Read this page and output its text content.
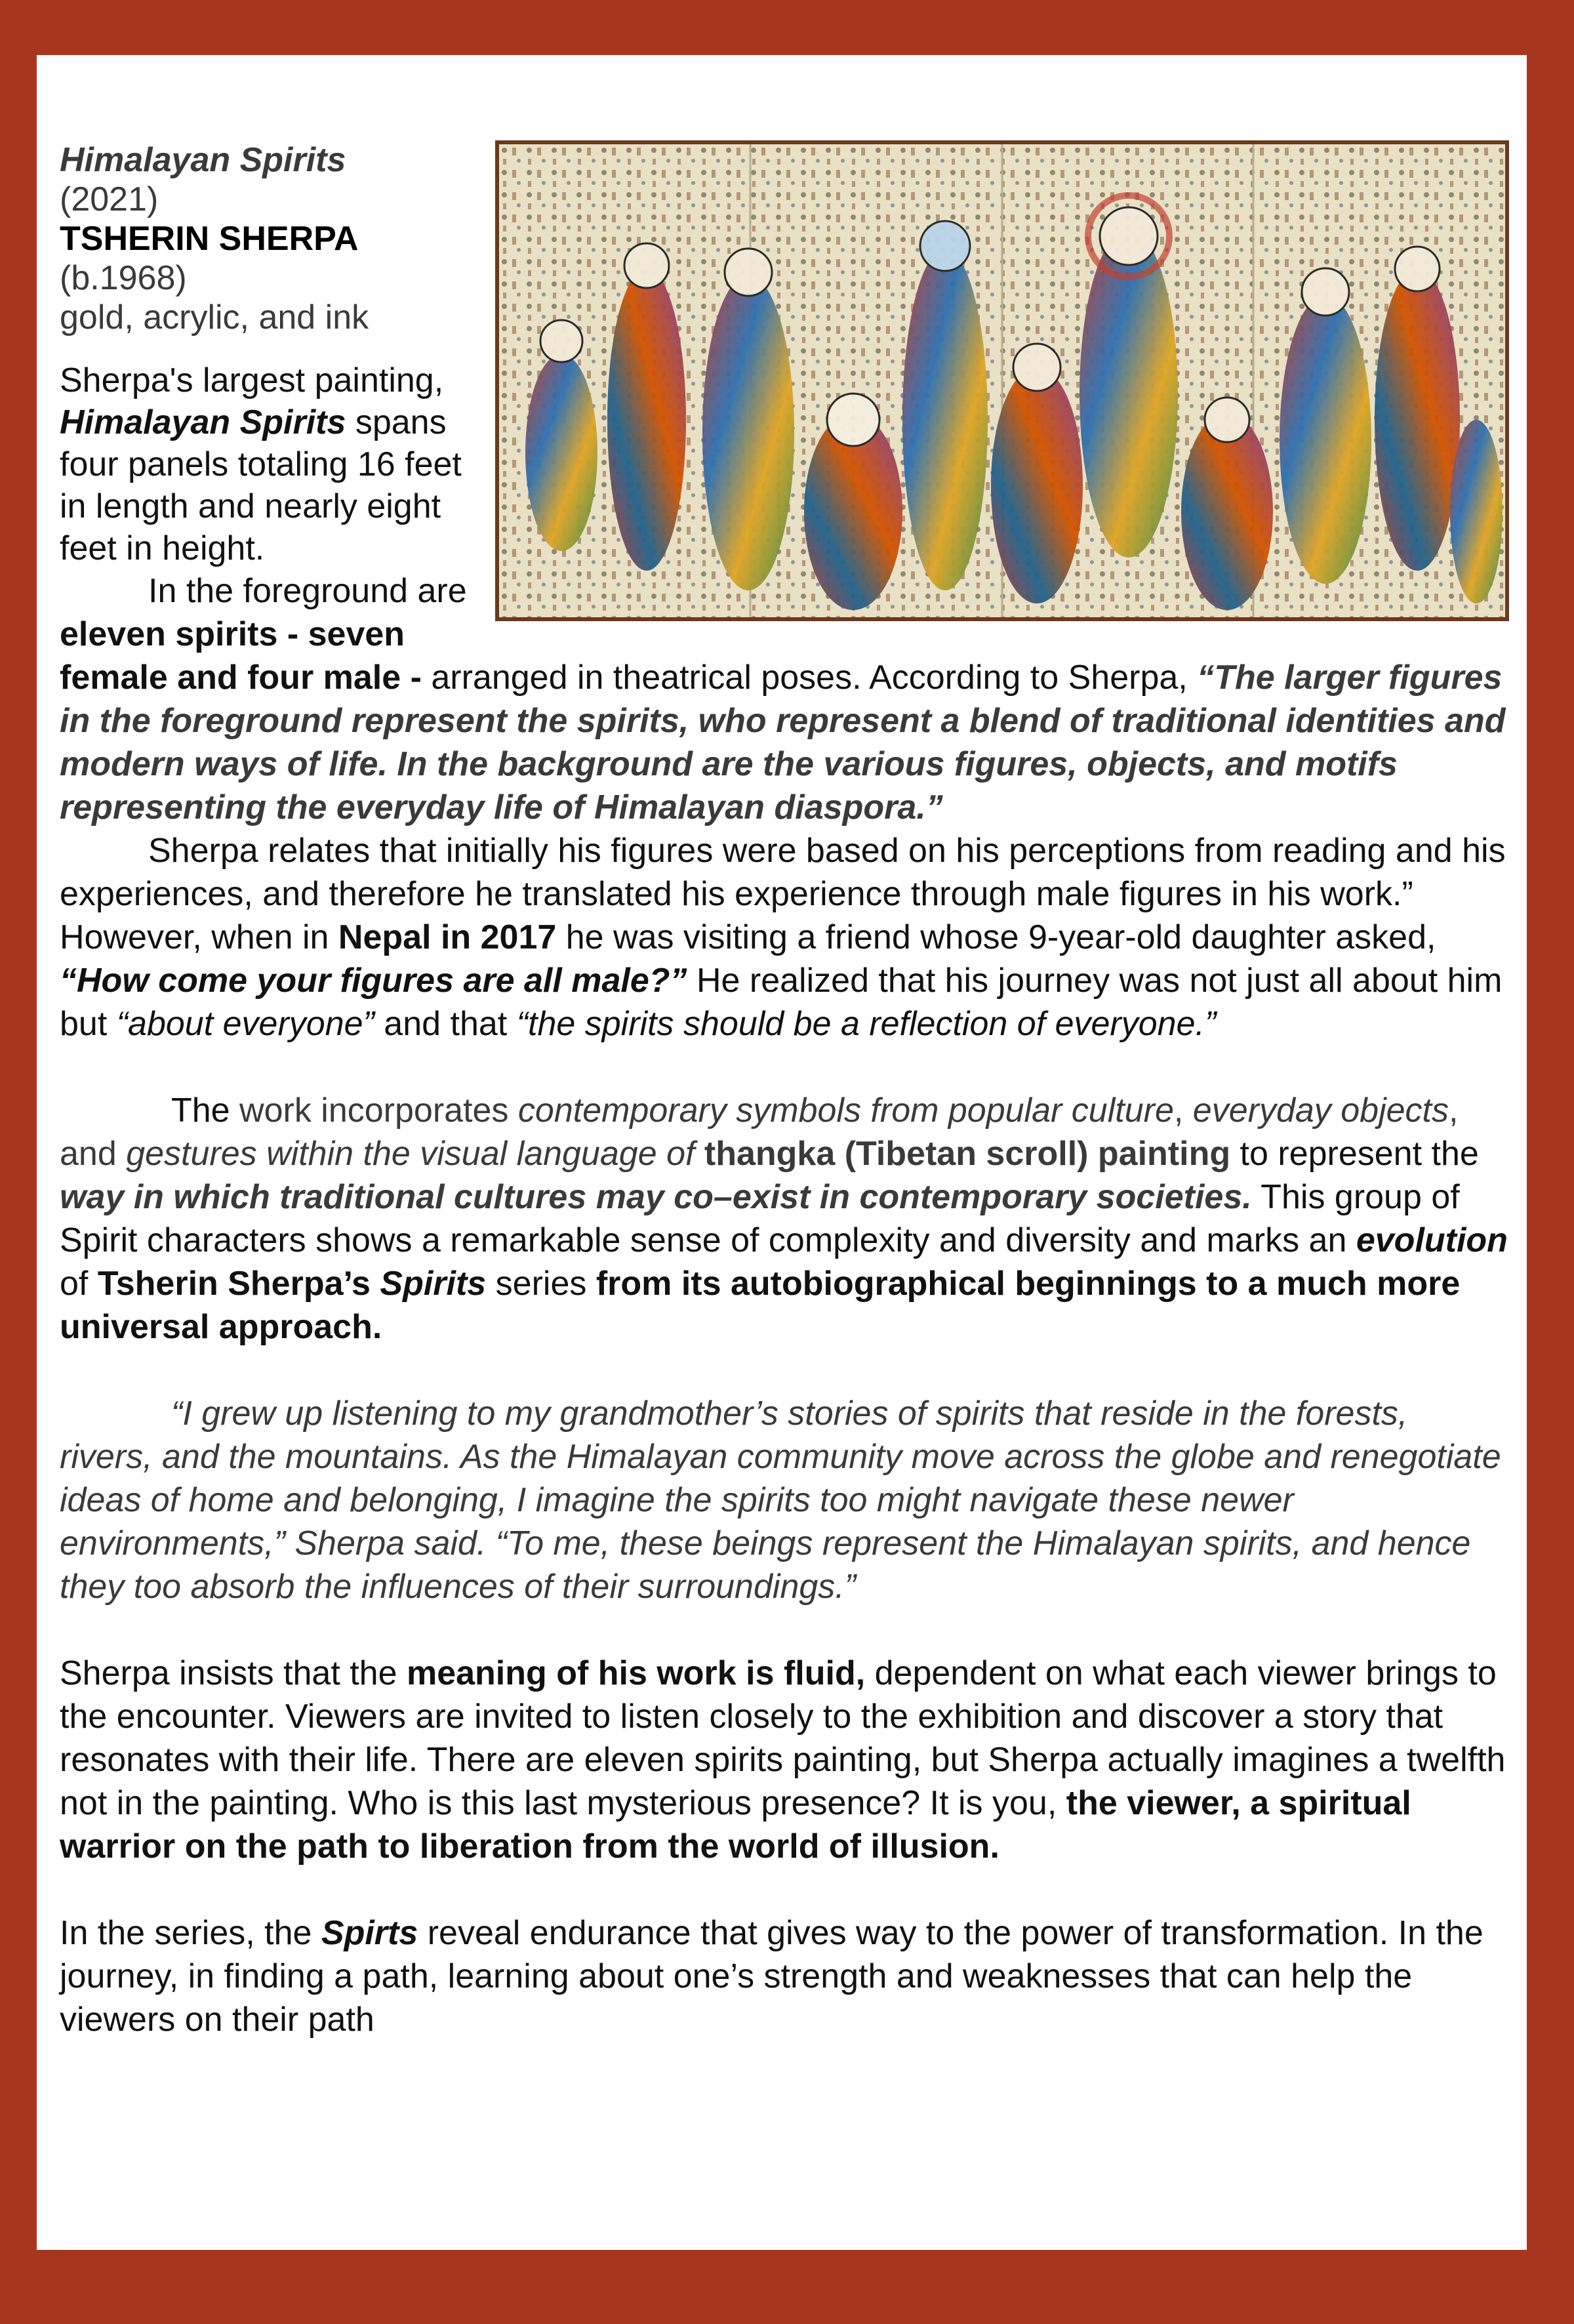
Himalayan Spirits

(2021)

TSHERIN SHERPA

(b.1968)

gold, acrylic, and ink

Sherpa's largest painting, Himalayan Spirits spans four panels totaling 16 feet in length and nearly eight feet in height.

In the foreground are eleven spirits - seven female and four male - arranged in theatrical poses. According to Sherpa, “The larger figures in the foreground represent the spirits, who represent a blend of traditional identities and modern ways of life. In the background are the various figures, objects, and motifs representing the everyday life of Himalayan diaspora.”

Sherpa relates that initially his figures were based on his perceptions from reading and his experiences, and therefore he translated his experience through male figures in his work.” However, when in Nepal in 2017 he was visiting a friend whose 9-year-old daughter asked, “How come your figures are all male?” He realized that his journey was not just all about him but “about everyone” and that “the spirits should be a reflection of everyone.”

The work incorporates contemporary symbols from popular culture, everyday objects, and gestures within the visual language of thangka (Tibetan scroll) painting to represent the way in which traditional cultures may co–exist in contemporary societies. This group of Spirit characters shows a remarkable sense of complexity and diversity and marks an evolution of Tsherin Sherpa’s Spirits series from its autobiographical beginnings to a much more universal approach.

“I grew up listening to my grandmother’s stories of spirits that reside in the forests, rivers, and the mountains. As the Himalayan community move across the globe and renegotiate ideas of home and belonging, I imagine the spirits too might navigate these newer environments,” Sherpa said. “To me, these beings represent the Himalayan spirits, and hence they too absorb the influences of their surroundings.”

Sherpa insists that the meaning of his work is fluid, dependent on what each viewer brings to the encounter. Viewers are invited to listen closely to the exhibition and discover a story that resonates with their life. There are eleven spirits painting, but Sherpa actually imagines a twelfth not in the painting. Who is this last mysterious presence? It is you, the viewer, a spiritual warrior on the path to liberation from the world of illusion.

In the series, the Spirts reveal endurance that gives way to the power of transformation. In the journey, in finding a path, learning about one’s strength and weaknesses that can help the viewers on their path
